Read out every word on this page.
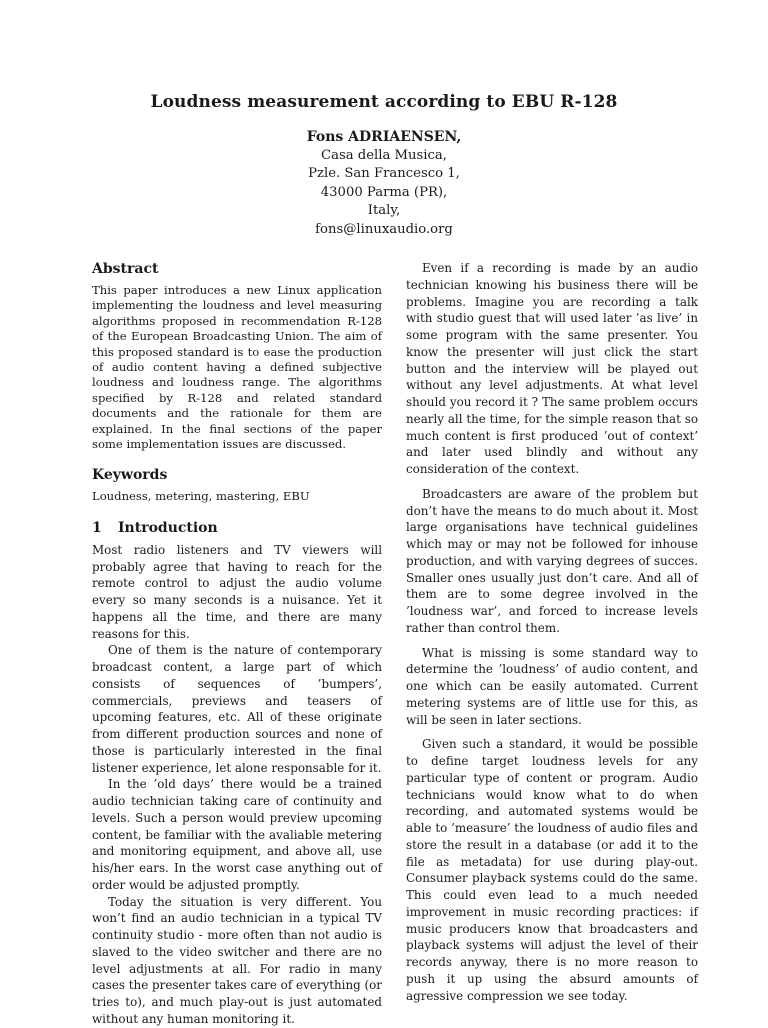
Loudness measurement according to EBU R-128
Fons ADRIAENSEN,
Casa della Musica,
Pzle. San Francesco 1,
43000 Parma (PR),
Italy,
fons@linuxaudio.org
Abstract

This paper introduces a new Linux application implementing the loudness and level measuring algorithms proposed in recommendation R-128 of the European Broadcasting Union. The aim of this proposed standard is to ease the production of audio content having a defined subjective loudness and loudness range. The algorithms specified by R-128 and related standard documents and the rationale for them are explained. In the final sections of the paper some implementation issues are discussed.

Keywords

Loudness, metering, mastering, EBU

1 Introduction

Most radio listeners and TV viewers will probably agree that having to reach for the remote control to adjust the audio volume every so many seconds is a nuisance. Yet it happens all the time, and there are many reasons for this.

One of them is the nature of contemporary broadcast content, a large part of which consists of sequences of ’bumpers’, commercials, previews and teasers of upcoming features, etc. All of these originate from different production sources and none of those is particularly interested in the final listener experience, let alone responsable for it.

In the ’old days’ there would be a trained audio technician taking care of continuity and levels. Such a person would preview upcoming content, be familiar with the avaliable metering and monitoring equipment, and above all, use his/her ears. In the worst case anything out of order would be adjusted promptly.

Today the situation is very different. You won’t find an audio technician in a typical TV continuity studio - more often than not audio is slaved to the video switcher and there are no level adjustments at all. For radio in many cases the presenter takes care of everything (or tries to), and much play-out is just automated without any human monitoring it.

Even if a recording is made by an audio technician knowing his business there will be problems. Imagine you are recording a talk with studio guest that will used later ’as live’ in some program with the same presenter. You know the presenter will just click the start button and the interview will be played out without any level adjustments. At what level should you record it ? The same problem occurs nearly all the time, for the simple reason that so much content is first produced ’out of context’ and later used blindly and without any consideration of the context.

Broadcasters are aware of the problem but don’t have the means to do much about it. Most large organisations have technical guidelines which may or may not be followed for inhouse production, and with varying degrees of succes. Smaller ones usually just don’t care. And all of them are to some degree involved in the ’loudness war’, and forced to increase levels rather than control them.

What is missing is some standard way to determine the ’loudness’ of audio content, and one which can be easily automated. Current metering systems are of little use for this, as will be seen in later sections.

Given such a standard, it would be possible to define target loudness levels for any particular type of content or program. Audio technicians would know what to do when recording, and automated systems would be able to ’measure’ the loudness of audio files and store the result in a database (or add it to the file as metadata) for use during play-out. Consumer playback systems could do the same. This could even lead to a much needed improvement in music recording practices: if music producers know that broadcasters and playback systems will adjust the level of their records anyway, there is no more reason to push it up using the absurd amounts of agressive compression we see today.
